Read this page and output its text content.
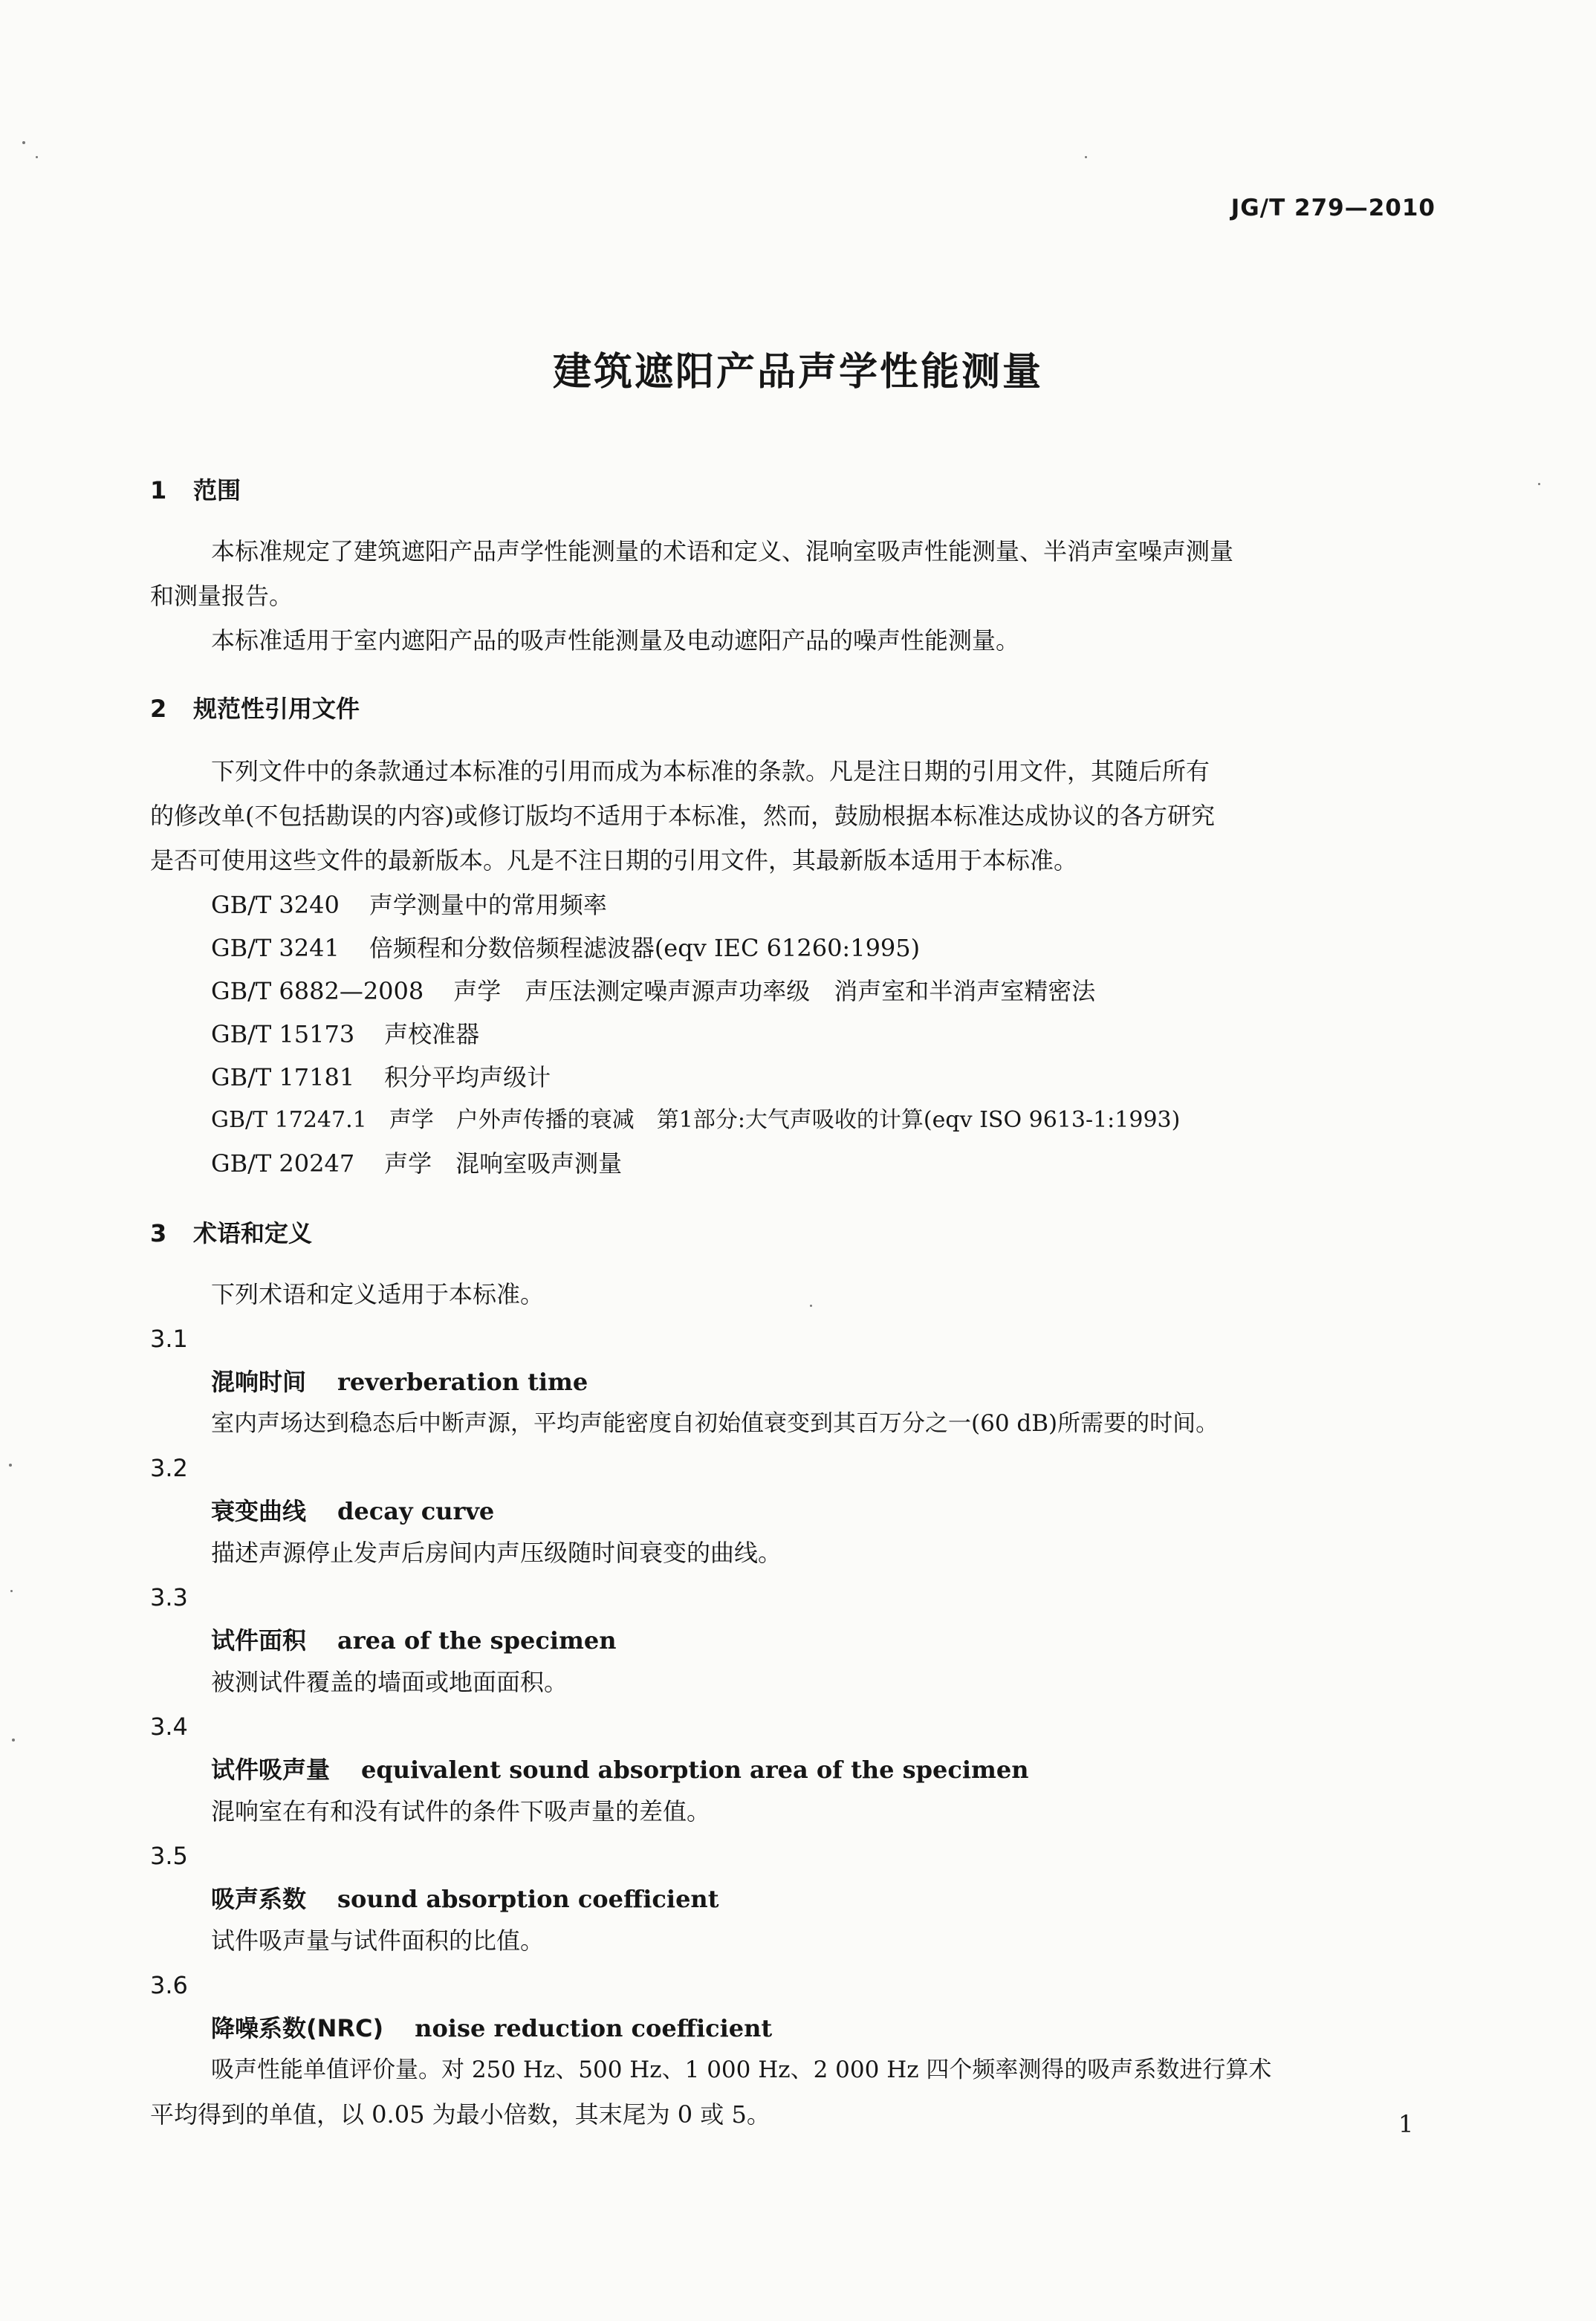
JG/T 279—2010
建筑遮阳产品声学性能测量
1 范围
本标准规定了建筑遮阳产品声学性能测量的术语和定义、混响室吸声性能测量、半消声室噪声测量
和测量报告。
本标准适用于室内遮阳产品的吸声性能测量及电动遮阳产品的噪声性能测量。
2 规范性引用文件
下列文件中的条款通过本标准的引用而成为本标准的条款。凡是注日期的引用文件，其随后所有
的修改单(不包括勘误的内容)或修订版均不适用于本标准，然而，鼓励根据本标准达成协议的各方研究
是否可使用这些文件的最新版本。凡是不注日期的引用文件，其最新版本适用于本标准。
GB/T 3240 声学测量中的常用频率
GB/T 3241 倍频程和分数倍频程滤波器(eqv IEC 61260:1995)
GB/T 6882—2008 声学　声压法测定噪声源声功率级　消声室和半消声室精密法
GB/T 15173 声校准器
GB/T 17181 积分平均声级计
GB/T 17247.1 声学　户外声传播的衰减　第1部分:大气声吸收的计算(eqv ISO 9613-1:1993)
GB/T 20247 声学　混响室吸声测量
3 术语和定义
下列术语和定义适用于本标准。
3.1
混响时间 reverberation time
室内声场达到稳态后中断声源，平均声能密度自初始值衰变到其百万分之一(60 dB)所需要的时间。
3.2
衰变曲线 decay curve
描述声源停止发声后房间内声压级随时间衰变的曲线。
3.3
试件面积 area of the specimen
被测试件覆盖的墙面或地面面积。
3.4
试件吸声量 equivalent sound absorption area of the specimen
混响室在有和没有试件的条件下吸声量的差值。
3.5
吸声系数 sound absorption coefficient
试件吸声量与试件面积的比值。
3.6
降噪系数(NRC) noise reduction coefficient
吸声性能单值评价量。对 250 Hz、500 Hz、1 000 Hz、2 000 Hz 四个频率测得的吸声系数进行算术
平均得到的单值，以 0.05 为最小倍数，其末尾为 0 或 5。	1
